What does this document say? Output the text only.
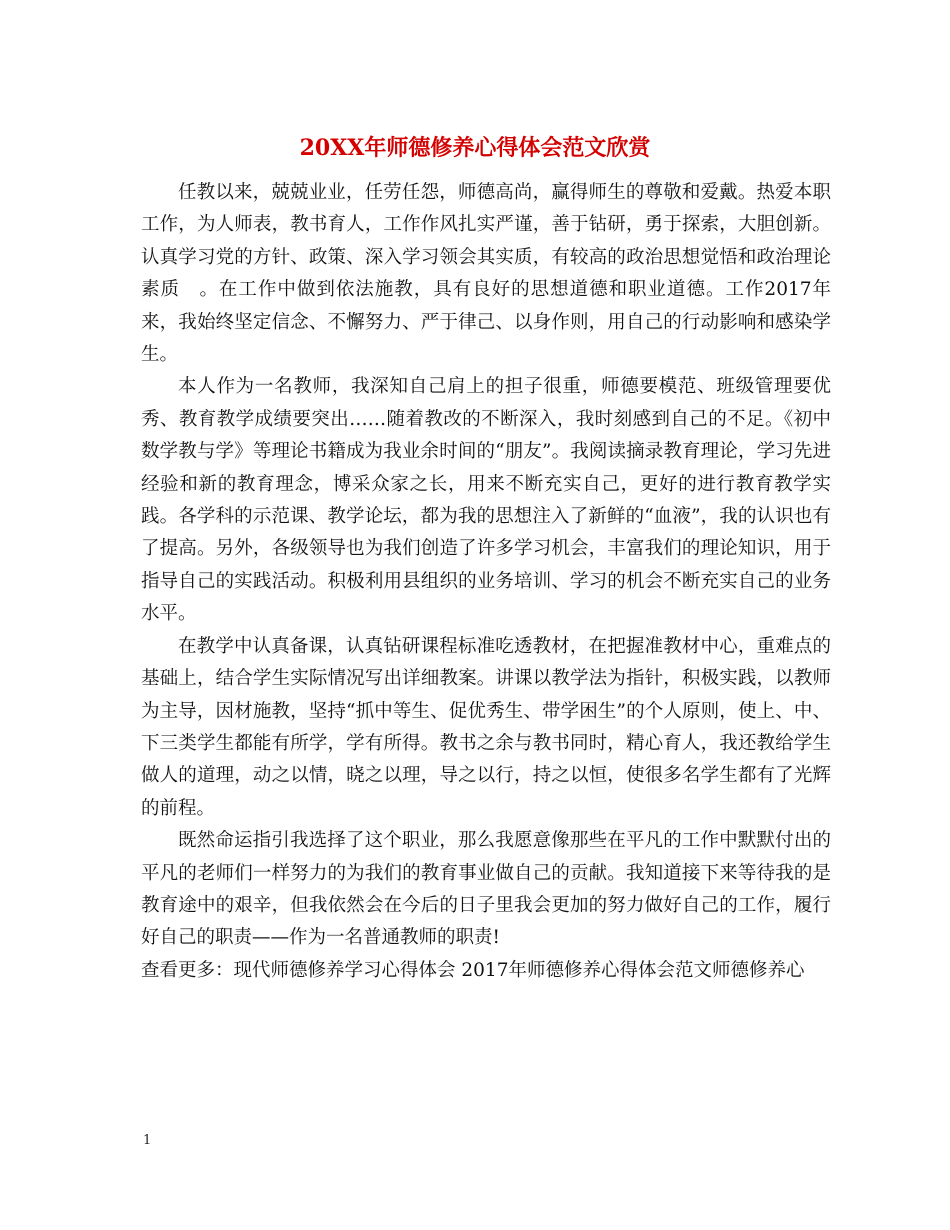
20XX年师德修养心得体会范文欣赏

任教以来，兢兢业业，任劳任怨，师德高尚，赢得师生的尊敬和爱戴。热爱本职工作，为人师表，教书育人，工作作风扎实严谨，善于钻研，勇于探索，大胆创新。认真学习党的方针、政策、深入学习领会其实质，有较高的政治思想觉悟和政治理论素质　。在工作中做到依法施教，具有良好的思想道德和职业道德。工作2017年来，我始终坚定信念、不懈努力、严于律己、以身作则，用自己的行动影响和感染学生。

本人作为一名教师，我深知自己肩上的担子很重，师德要模范、班级管理要优秀、教育教学成绩要突出……随着教改的不断深入，我时刻感到自己的不足。《初中数学教与学》等理论书籍成为我业余时间的“朋友”。我阅读摘录教育理论，学习先进经验和新的教育理念，博采众家之长，用来不断充实自己，更好的进行教育教学实践。各学科的示范课、教学论坛，都为我的思想注入了新鲜的“血液”，我的认识也有了提高。另外，各级领导也为我们创造了许多学习机会，丰富我们的理论知识，用于指导自己的实践活动。积极利用县组织的业务培训、学习的机会不断充实自己的业务水平。

在教学中认真备课，认真钻研课程标准吃透教材，在把握准教材中心，重难点的基础上，结合学生实际情况写出详细教案。讲课以教学法为指针，积极实践，以教师为主导，因材施教，坚持“抓中等生、促优秀生、带学困生”的个人原则，使上、中、下三类学生都能有所学，学有所得。教书之余与教书同时，精心育人，我还教给学生做人的道理，动之以情，晓之以理，导之以行，持之以恒，使很多名学生都有了光辉的前程。

既然命运指引我选择了这个职业，那么我愿意像那些在平凡的工作中默默付出的平凡的老师们一样努力的为我们的教育事业做自己的贡献。我知道接下来等待我的是教育途中的艰辛，但我依然会在今后的日子里我会更加的努力做好自己的工作，履行好自己的职责——作为一名普通教师的职责!

查看更多：现代师德修养学习心得体会 2017年师德修养心得体会范文师德修养心
1
